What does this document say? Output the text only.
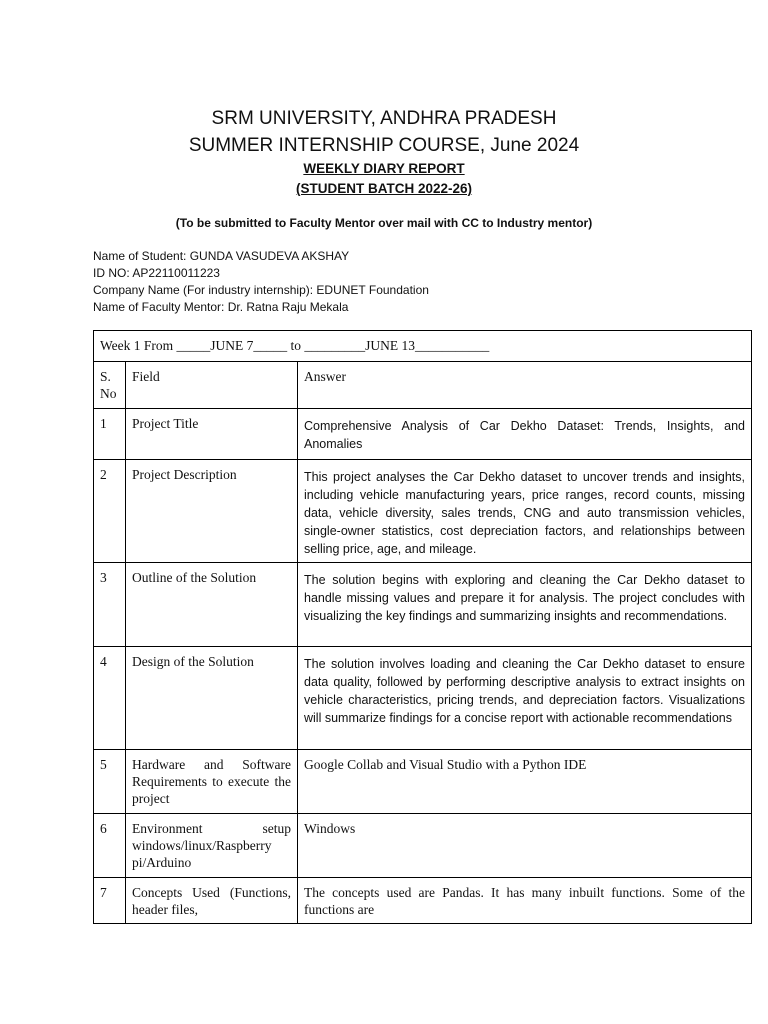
SRM UNIVERSITY, ANDHRA PRADESH
SUMMER INTERNSHIP COURSE, June 2024
WEEKLY DIARY REPORT
(STUDENT BATCH 2022-26)
(To be submitted to Faculty Mentor over mail with CC to Industry mentor)
Name of Student: GUNDA VASUDEVA AKSHAY
ID NO: AP22110011223
Company Name (For industry internship): EDUNET Foundation
Name of Faculty Mentor: Dr. Ratna Raju Mekala
Week 1 From _____JUNE 7_____ to _________JUNE 13___________		
S. No	Field	Answer
1	Project Title	Comprehensive Analysis of Car Dekho Dataset: Trends, Insights, and Anomalies
2	Project Description	This project analyses the Car Dekho dataset to uncover trends and insights, including vehicle manufacturing years, price ranges, record counts, missing data, vehicle diversity, sales trends, CNG and auto transmission vehicles, single-owner statistics, cost depreciation factors, and relationships between selling price, age, and mileage.
3	Outline of the Solution	The solution begins with exploring and cleaning the Car Dekho dataset to handle missing values and prepare it for analysis. The project concludes with visualizing the key findings and summarizing insights and recommendations.
4	Design of the Solution	The solution involves loading and cleaning the Car Dekho dataset to ensure data quality, followed by performing descriptive analysis to extract insights on vehicle characteristics, pricing trends, and depreciation factors. Visualizations will summarize findings for a concise report with actionable recommendations
5	Hardware and Software Requirements to execute the project	Google Collab and Visual Studio with a Python IDE
6	Environment setup windows/linux/Raspberry pi/Arduino	Windows
7	Concepts Used (Functions, header files,	The concepts used are Pandas. It has many inbuilt functions. Some of the functions are
